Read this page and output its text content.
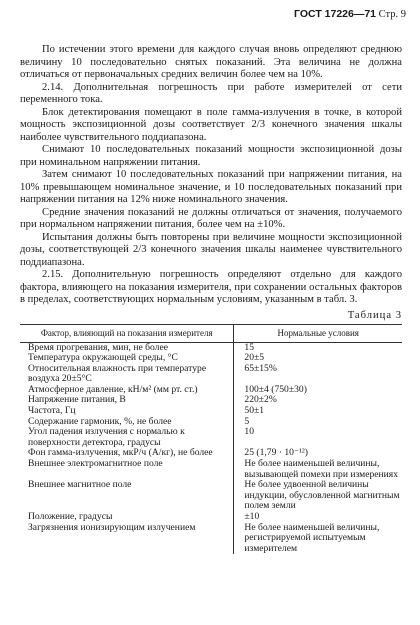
ГОСТ 17226—71 Стр. 9

По истечении этого времени для каждого случая вновь определяют среднюю величину 10 последовательно снятых показаний. Эта величина не должна отличаться от первоначальных средних величин более чем на 10%.

2.14. Дополнительная погрешность при работе измерителей от сети переменного тока.

Блок детектирования помещают в поле гамма-излучения в точке, в которой мощность экспозиционной дозы соответствует 2/3 конечного значения шкалы наиболее чувствительного поддиапазона.

Снимают 10 последовательных показаний мощности экспозиционной дозы при номинальном напряжении питания.

Затем снимают 10 последовательных показаний при напряжении питания, на 10% превышающем номинальное значение, и 10 последовательных показаний при напряжении питания на 12% ниже номинального значения.

Средние значения показаний не должны отличаться от значения, получаемого при нормальном напряжении питания, более чем на ±10%.

Испытания должны быть повторены при величине мощности экспозиционной дозы, соответствующей 2/3 конечного значения шкалы наименее чувствительного поддиапазона.

2.15. Дополнительную погрешность определяют отдельно для каждого фактора, влияющего на показания измерителя, при сохранении остальных факторов в пределах, соответствующих нормальным условиям, указанным в табл. 3.

Таблица 3
Фактор, влияющий на показания измерителя	Нормальные условия
Время прогревания, мин, не более	15
Температура окружающей среды, °С	20±5
Относительная влажность при температуре воздуха 20±5°С	65±15%
Атмосферное давление, кН/м² (мм рт. ст.)	100±4 (750±30)
Напряжение питания, В	220±2%
Частота, Гц	50±1
Содержание гармоник, %, не более	5
Угол падения излучения с нормалью к поверхности детектора, градусы	10
Фон гамма-излучения, мкР/ч (А/кг), не более	25 (1,79 · 10⁻¹²)
Внешнее электромагнитное поле	Не более наименьшей величины, вызывающей помехи при измерениях
Внешнее магнитное поле	Не более удвоенной величины индукции, обусловленной магнитным полем земли
Положение, градусы	±10
Загрязнения ионизирующим излучением	Не более наименьшей величины, регистрируемой испытуемым измерителем
